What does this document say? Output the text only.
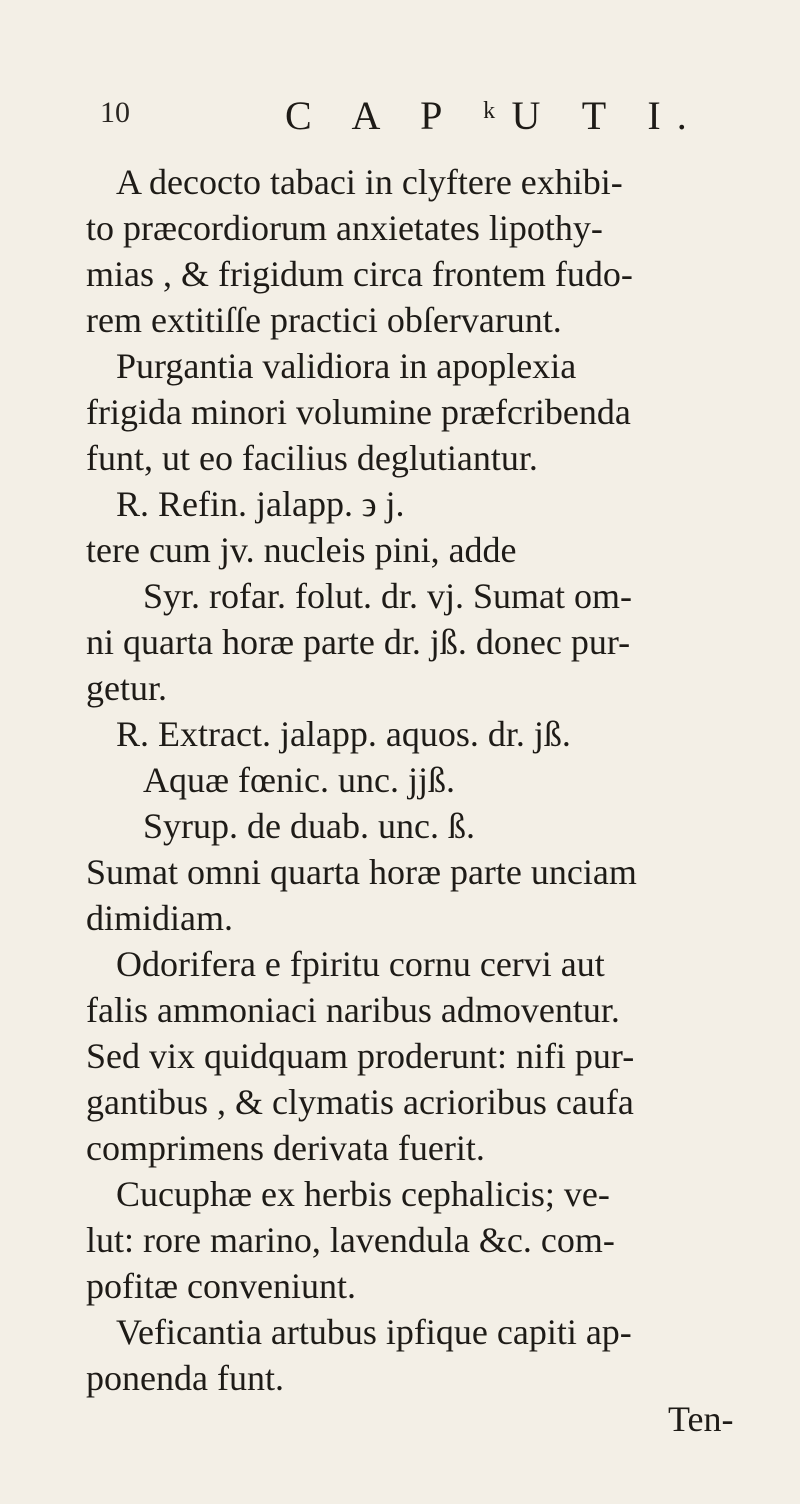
10	C A P ᵏU T I.
A decocto tabaci in clyftere exhibi-
to præcordiorum anxietates lipothy-
mias , & frigidum circa frontem fudo-
rem extitiſſe practici obſervarunt.
Purgantia validiora in apoplexia
frigida minori volumine præfcribenda
funt, ut eo facilius deglutiantur.
R. Refin. jalapp. ϶ j.
tere cum jv. nucleis pini, adde
Syr. rofar. folut. dr. vj. Sumat om-
ni quarta horæ parte dr. jß. donec pur-
getur.
R. Extract. jalapp. aquos. dr. jß.
Aquæ fœnic. unc. jjß.
Syrup. de duab. unc. ß.
Sumat omni quarta horæ parte unciam
dimidiam.
Odorifera e fpiritu cornu cervi aut
falis ammoniaci naribus admoventur.
Sed vix quidquam proderunt: nifi pur-
gantibus , & clymatis acrioribus caufa
comprimens derivata fuerit.
Cucuphæ ex herbis cephalicis; ve-
lut: rore marino, lavendula &c. com-
pofitæ conveniunt.
Veficantia artubus ipfique capiti ap-
ponenda funt.
Ten-
